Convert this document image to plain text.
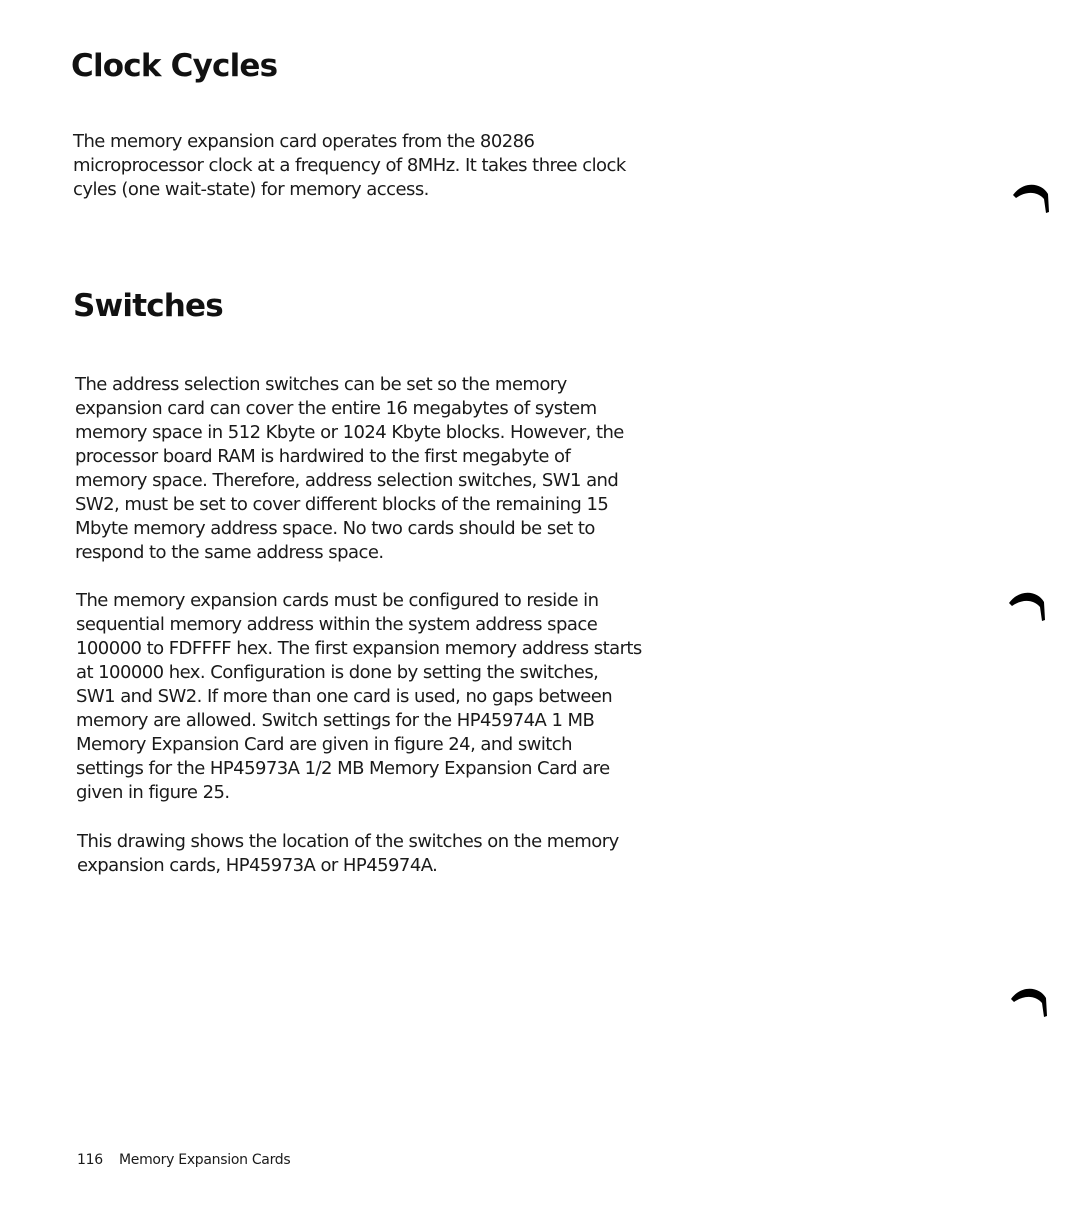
Clock Cycles

The memory expansion card operates from the 80286
microprocessor clock at a frequency of 8MHz. It takes three clock
cyles (one wait-state) for memory access.

Switches

The address selection switches can be set so the memory
expansion card can cover the entire 16 megabytes of system
memory space in 512 Kbyte or 1024 Kbyte blocks. However, the
processor board RAM is hardwired to the first megabyte of
memory space. Therefore, address selection switches, SW1 and
SW2, must be set to cover different blocks of the remaining 15
Mbyte memory address space. No two cards should be set to
respond to the same address space.

The memory expansion cards must be configured to reside in
sequential memory address within the system address space
100000 to FDFFFF hex. The first expansion memory address starts
at 100000 hex. Configuration is done by setting the switches,
SW1 and SW2. If more than one card is used, no gaps between
memory are allowed. Switch settings for the HP45974A 1 MB
Memory Expansion Card are given in figure 24, and switch
settings for the HP45973A 1/2 MB Memory Expansion Card are
given in figure 25.

This drawing shows the location of the switches on the memory
expansion cards, HP45973A or HP45974A.

116 Memory Expansion Cards
